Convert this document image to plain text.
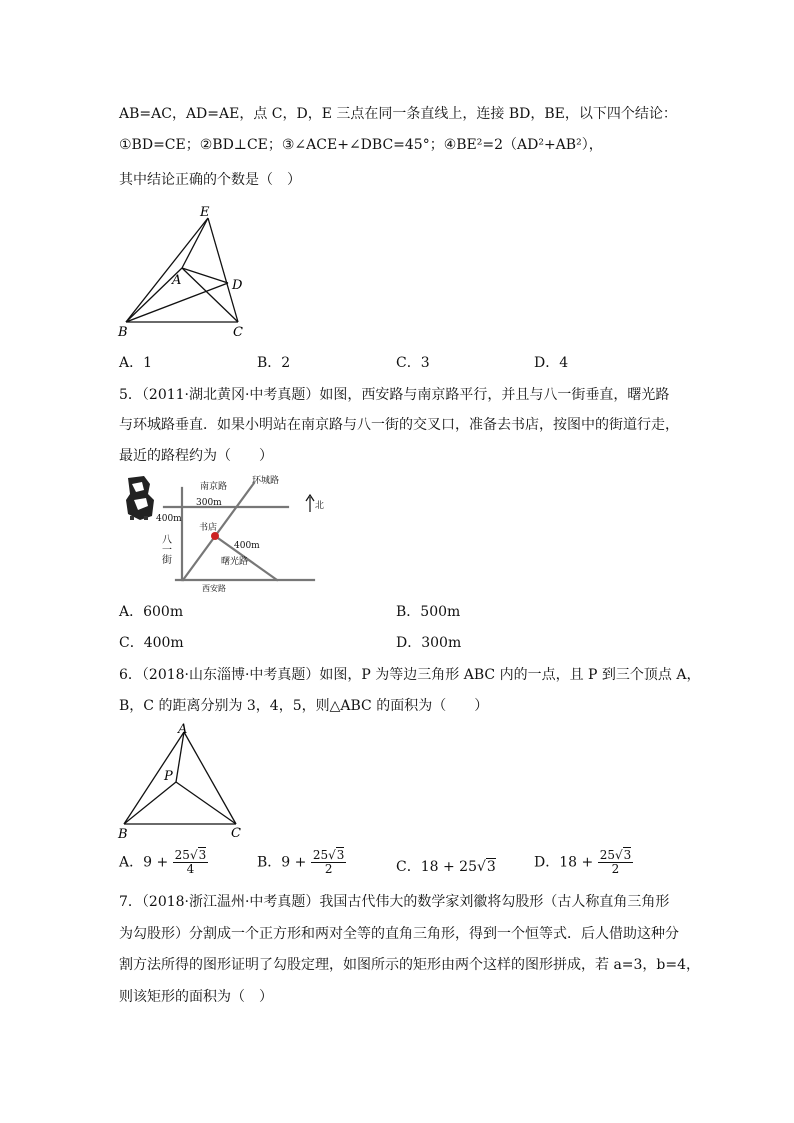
AB=AC，AD=AE，点 C，D，E 三点在同一条直线上，连接 BD，BE，以下四个结论：
①BD=CE；②BD⊥CE；③∠ACE+∠DBC=45°；④BE²=2（AD²+AB²），
其中结论正确的个数是（　）
E
A	D
B	C
A．1	B．2	C．3	D．4
5．（2011·湖北黄冈·中考真题）如图，西安路与南京路平行，并且与八一街垂直，曙光路
与环城路垂直．如果小明站在南京路与八一街的交叉口，准备去书店，按图中的街道行走，
最近的路程约为（　　）
南京路
环城路
北
300m
400m
书店
400m
曙光路
西安路
八一街
A．600m	B．500m
C．400m	D．300m
6．（2018·山东淄博·中考真题）如图，P 为等边三角形 ABC 内的一点，且 P 到三个顶点 A，
B，C 的距离分别为 3，4，5，则△ABC 的面积为（　　）
A
P
B	C
A．$9 + \frac{25√3}{4}$	B．$9 + \frac{25√3}{2}$	C．18 + 25√3	D．$18 + \frac{25√3}{2}$
7．（2018·浙江温州·中考真题）我国古代伟大的数学家刘徽将勾股形（古人称直角三角形
为勾股形）分割成一个正方形和两对全等的直角三角形，得到一个恒等式．后人借助这种分
割方法所得的图形证明了勾股定理，如图所示的矩形由两个这样的图形拼成，若 a=3，b=4，
则该矩形的面积为（　）
